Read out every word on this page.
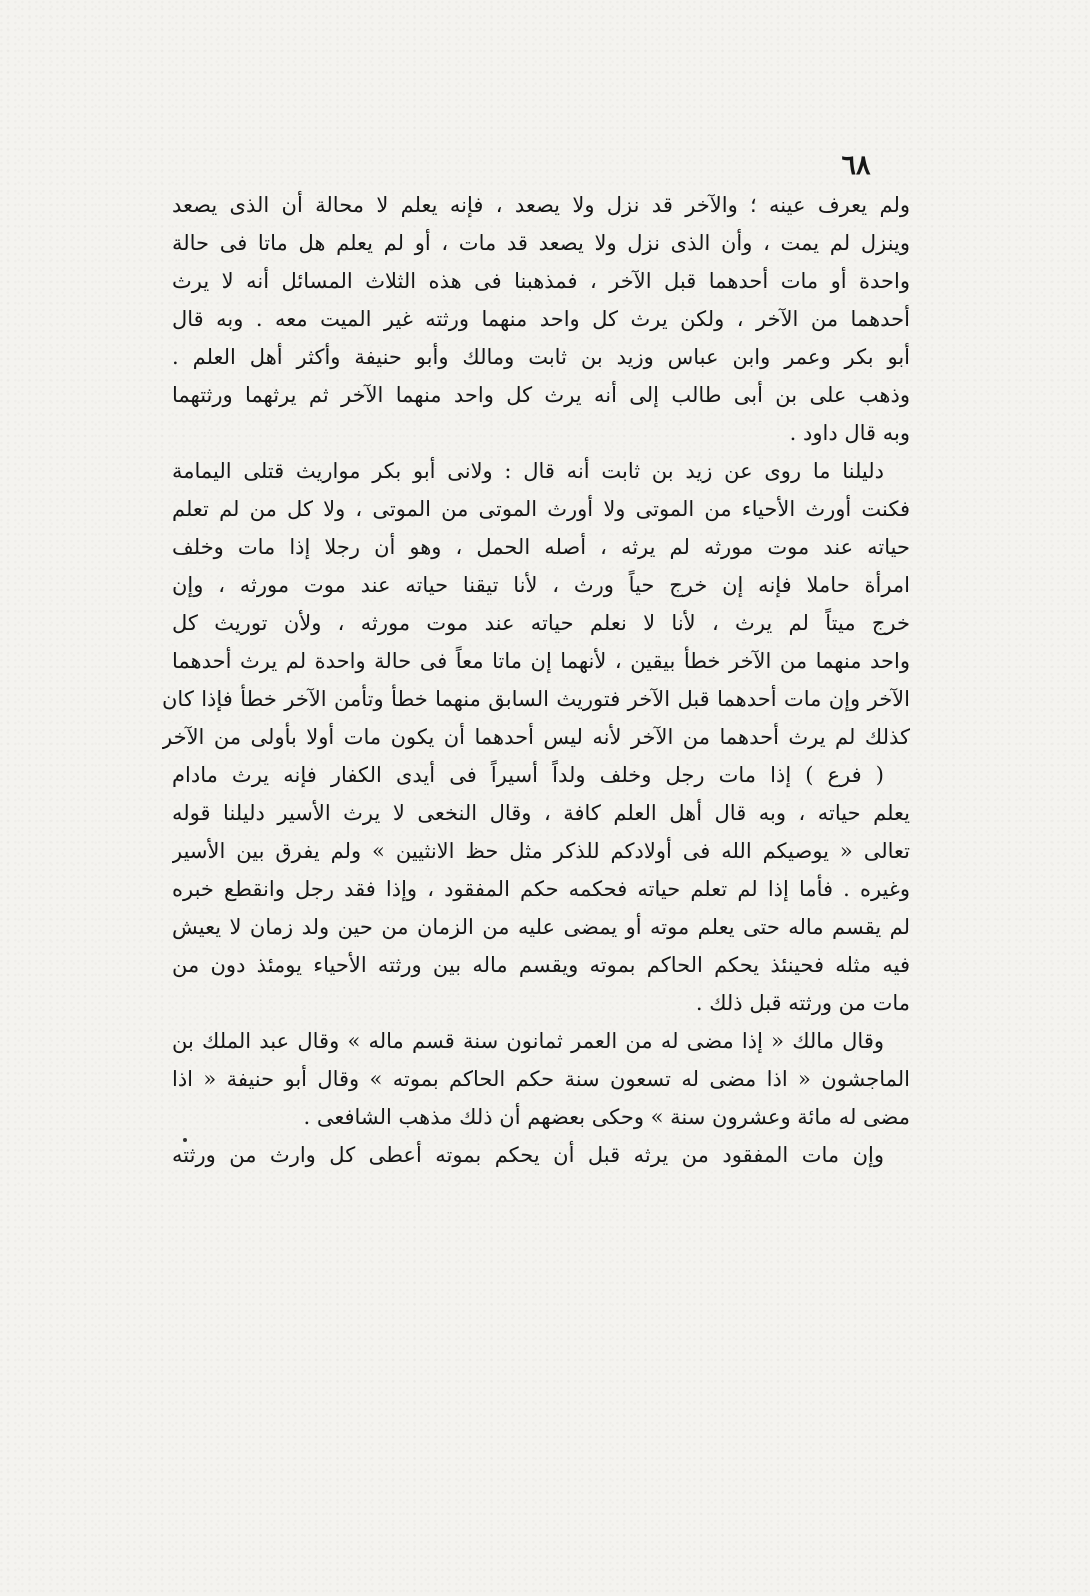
٦٨
ولم يعرف عينه ؛ والآخر قد نزل ولا يصعد ، فإنه يعلم لا محالة أن الذى يصعد
وينزل لم يمت ، وأن الذى نزل ولا يصعد قد مات ، أو لم يعلم هل ماتا فى حالة
واحدة أو مات أحدهما قبل الآخر ، فمذهبنا فى هذه الثلاث المسائل أنه لا يرث
أحدهما من الآخر ، ولكن يرث كل واحد منهما ورثته غير الميت معه . وبه قال
أبو بكر وعمر وابن عباس وزيد بن ثابت ومالك وأبو حنيفة وأكثر أهل العلم .
وذهب على بن أبى طالب إلى أنه يرث كل واحد منهما الآخر ثم يرثهما ورثتهما
وبه قال داود .
دليلنا ما روى عن زيد بن ثابت أنه قال : ولانى أبو بكر مواريث قتلى اليمامة
فكنت أورث الأحياء من الموتى ولا أورث الموتى من الموتى ، ولا كل من لم تعلم
حياته عند موت مورثه لم يرثه ، أصله الحمل ، وهو أن رجلا إذا مات وخلف
امرأة حاملا فإنه إن خرج حياً ورث ، لأنا تيقنا حياته عند موت مورثه ، وإن
خرج ميتاً لم يرث ، لأنا لا نعلم حياته عند موت مورثه ، ولأن توريث كل
واحد منهما من الآخر خطأ بيقين ، لأنهما إن ماتا معاً فى حالة واحدة لم يرث أحدهما
الآخر وإن مات أحدهما قبل الآخر فتوريث السابق منهما خطأ وتأمن الآخر خطأ فإذا كان
كذلك لم يرث أحدهما من الآخر لأنه ليس أحدهما أن يكون مات أولا بأولى من الآخر
( فرع ) إذا مات رجل وخلف ولداً أسيراً فى أيدى الكفار فإنه يرث مادام
يعلم حياته ، وبه قال أهل العلم كافة ، وقال النخعى لا يرث الأسير دليلنا قوله
تعالى « يوصيكم الله فى أولادكم للذكر مثل حظ الانثيين » ولم يفرق بين الأسير
وغيره . فأما إذا لم تعلم حياته فحكمه حكم المفقود ، وإذا فقد رجل وانقطع خبره
لم يقسم ماله حتى يعلم موته أو يمضى عليه من الزمان من حين ولد زمان لا يعيش
فيه مثله فحينئذ يحكم الحاكم بموته ويقسم ماله بين ورثته الأحياء يومئذ دون من
مات من ورثته قبل ذلك .
وقال مالك « إذا مضى له من العمر ثمانون سنة قسم ماله » وقال عبد الملك بن
الماجشون « اذا مضى له تسعون سنة حكم الحاكم بموته » وقال أبو حنيفة « اذا
مضى له مائة وعشرون سنة » وحكى بعضهم أن ذلك مذهب الشافعى .
وإن مات المفقود من يرثه قبل أن يحكم بموته أعطى كل وارث من ورثته
